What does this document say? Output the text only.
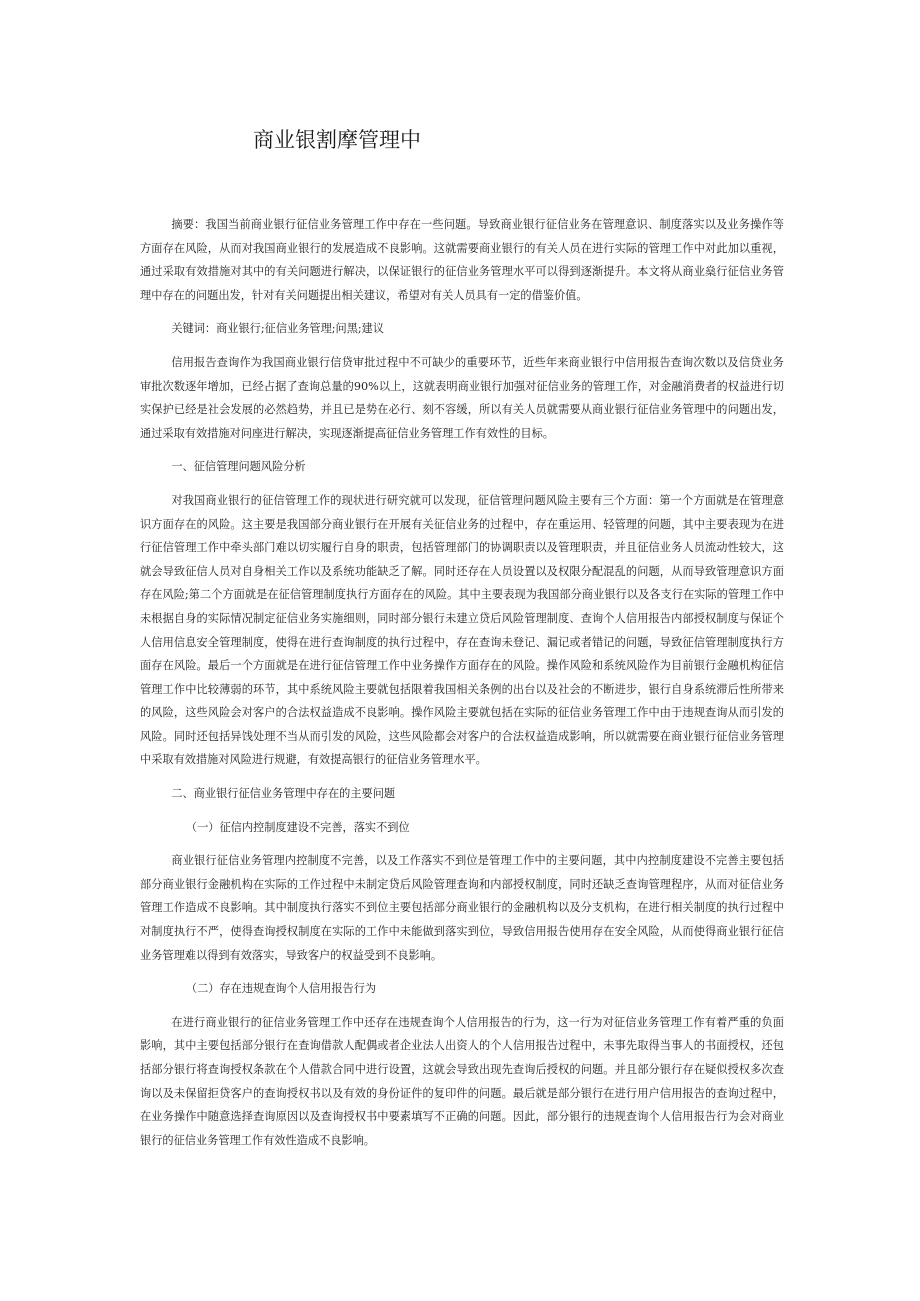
商业银割摩管理中

摘要：我国当前商业银行征信业务管理工作中存在一些问题。导致商业银行征信业务在管理意识、制度落实以及业务操作等方面存在风险，从而对我国商业银行的发展造成不良影响。这就需要商业银行的有关人员在进行实际的管理工作中对此加以重视，通过采取有效措施对其中的有关问题进行解决，以保证银行的征信业务管理水平可以得到逐渐提升。本文将从商业燊行征信业务管理中存在的问题出发，针对有关问题提出相关建议，希望对有关人员具有一定的借鉴价值。

关键词：商业银行;征信业务管理;问黑;建议

信用报告查询作为我国商业银行信贷审批过程中不可缺少的重要环节，近些年来商业银行中信用报告查询次数以及信贷业务审批次数逐年增加，已经占据了查询总量的90%以上，这就表明商业银行加强对征信业务的管理工作，对金融消费者的权益进行切实保护已经是社会发展的必然趋势，并且已是势在必行、刻不容缓，所以有关人员就需要从商业银行征信业务管理中的问题出发，通过采取有效措施对问座进行解决，实现逐渐提高征信业务管理工作有效性的目标。

一、征信管理问题风险分析

对我国商业银行的征信管理工作的现状进行研究就可以发现，征信管理问题风险主要有三个方面：第一个方面就是在管理意识方面存在的风险。这主要是我国部分商业银行在开展有关征信业务的过程中，存在重运用、轻管理的问题，其中主要表现为在进行征信管理工作中牵头部门难以切实履行自身的职责，包括管理部门的协调职责以及管理职责，并且征信业务人员流动性较大，这就会导致征信人员对自身相关工作以及系统功能缺乏了解。同时还存在人员设置以及权限分配混乱的问题，从而导致管理意识方面存在风险;第二个方面就是在征信管理制度执行方面存在的风险。其中主要表现为我国部分商业银行以及各支行在实际的管理工作中未根据自身的实际情况制定征信业务实施细则，同时部分银行未建立贷后风险管理制度、查询个人信用报告内部授权制度与保证个人信用信息安全管理制度，使得在进行查询制度的执行过程中，存在查询未登记、漏记或者错记的问题，导致征信管理制度执行方面存在风险。最后一个方面就是在进行征信管理工作中业务操作方面存在的风险。操作风险和系统风险作为目前银行金融机构征信管理工作中比较薄弱的环节，其中系统风险主要就包括限着我国相关条例的出台以及社会的不断进步，银行自身系统滞后性所带来的风险，这些风险会对客户的合法权益造成不良影响。操作风险主要就包括在实际的征信业务管理工作中由于违规查询从而引发的风险。同时还包括异饯处理不当从而引发的风险，这些风险都会对客户的合法权益造成影响，所以就需要在商业银行征信业务管理中采取有效措施对风险进行规避，有效提高银行的征信业务管理水平。

二、商业银行征信业务管理中存在的主要问题

（一）征信内控制度建设不完善，落实不到位

商业银行征信业务管理内控制度不完善，以及工作落实不到位是管理工作中的主要问题，其中内控制度建设不完善主要包括部分商业银行金融机构在实际的工作过程中未制定贷后风险管理查询和内部授权制度，同时还缺乏查询管理程序，从而对征信业务管理工作造成不良影响。其中制度执行落实不到位主要包括部分商业银行的金融机构以及分支机构，在进行相关制度的执行过程中对制度执行不严，使得查询授权制度在实际的工作中未能做到落实到位，导致信用报告使用存在安全风险，从而使得商业银行征信业务管理难以得到有效落实，导致客户的权益受到不良影响。

（二）存在违规查询个人信用报告行为

在进行商业银行的征信业务管理工作中还存在违规查询个人信用报告的行为，这一行为对征信业务管理工作有着严重的负面影响，其中主要包括部分银行在查询借款人配偶或者企业法人出资人的个人信用报告过程中，未事先取得当事人的书面授权，还包括部分银行将查询授权条款在个人借款合同中进行设置，这就会导致出现先查询后授权的问题。并且部分银行存在疑似授权多次查询以及未保留拒贷客户的查询授权书以及有效的身份证件的复印件的问题。最后就是部分银行在进行用户信用报告的查询过程中，在业务操作中随意选择查询原因以及查询授权书中要素填写不正确的问题。因此，部分银行的违规查询个人信用报告行为会对商业银行的征信业务管理工作有效性造成不良影响。
